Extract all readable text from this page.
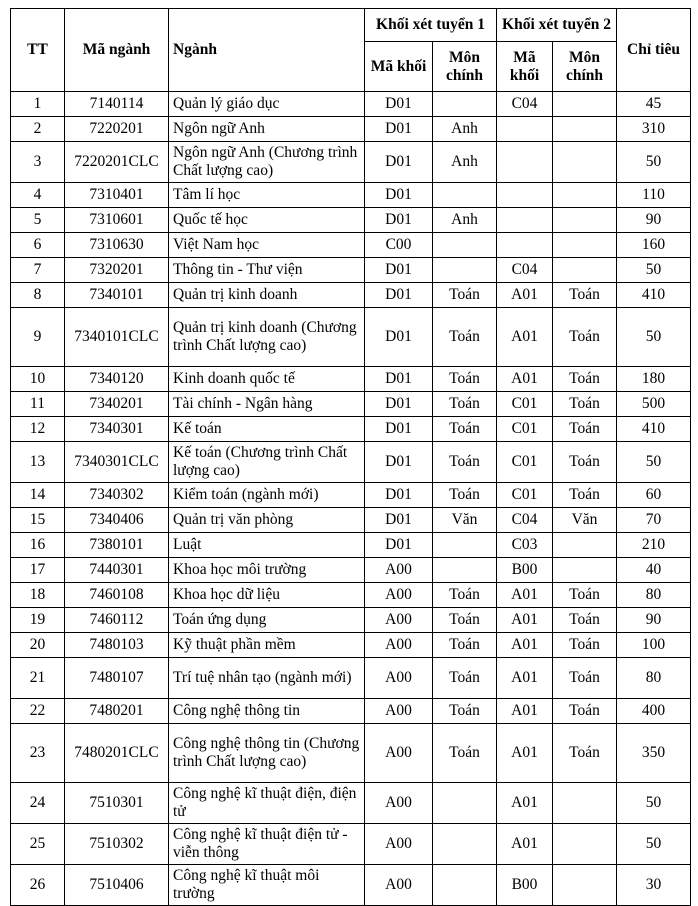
TT	Mã ngành	Ngành	Khối xét tuyển 1		Khối xét tuyển 2		Chỉ tiêu
			Mã khối	Môn chính	Mã khối	Môn chính	
1	7140114	Quản lý giáo dục	D01		C04		45
2	7220201	Ngôn ngữ Anh	D01	Anh			310
3	7220201CLC	Ngôn ngữ Anh (Chương trình Chất lượng cao)	D01	Anh			50
4	7310401	Tâm lí học	D01				110
5	7310601	Quốc tế học	D01	Anh			90
6	7310630	Việt Nam học	C00				160
7	7320201	Thông tin - Thư viện	D01		C04		50
8	7340101	Quản trị kinh doanh	D01	Toán	A01	Toán	410
9	7340101CLC	Quản trị kinh doanh (Chương trình Chất lượng cao)	D01	Toán	A01	Toán	50
10	7340120	Kinh doanh quốc tế	D01	Toán	A01	Toán	180
11	7340201	Tài chính - Ngân hàng	D01	Toán	C01	Toán	500
12	7340301	Kế toán	D01	Toán	C01	Toán	410
13	7340301CLC	Kế toán (Chương trình Chất lượng cao)	D01	Toán	C01	Toán	50
14	7340302	Kiểm toán (ngành mới)	D01	Toán	C01	Toán	60
15	7340406	Quản trị văn phòng	D01	Văn	C04	Văn	70
16	7380101	Luật	D01		C03		210
17	7440301	Khoa học môi trường	A00		B00		40
18	7460108	Khoa học dữ liệu	A00	Toán	A01	Toán	80
19	7460112	Toán ứng dụng	A00	Toán	A01	Toán	90
20	7480103	Kỹ thuật phần mềm	A00	Toán	A01	Toán	100
21	7480107	Trí tuệ nhân tạo (ngành mới)	A00	Toán	A01	Toán	80
22	7480201	Công nghệ thông tin	A00	Toán	A01	Toán	400
23	7480201CLC	Công nghệ thông tin (Chương trình Chất lượng cao)	A00	Toán	A01	Toán	350
24	7510301	Công nghệ kĩ thuật điện, điện tử	A00		A01		50
25	7510302	Công nghệ kĩ thuật điện tử - viễn thông	A00		A01		50
26	7510406	Công nghệ kĩ thuật môi trường	A00		B00		30
